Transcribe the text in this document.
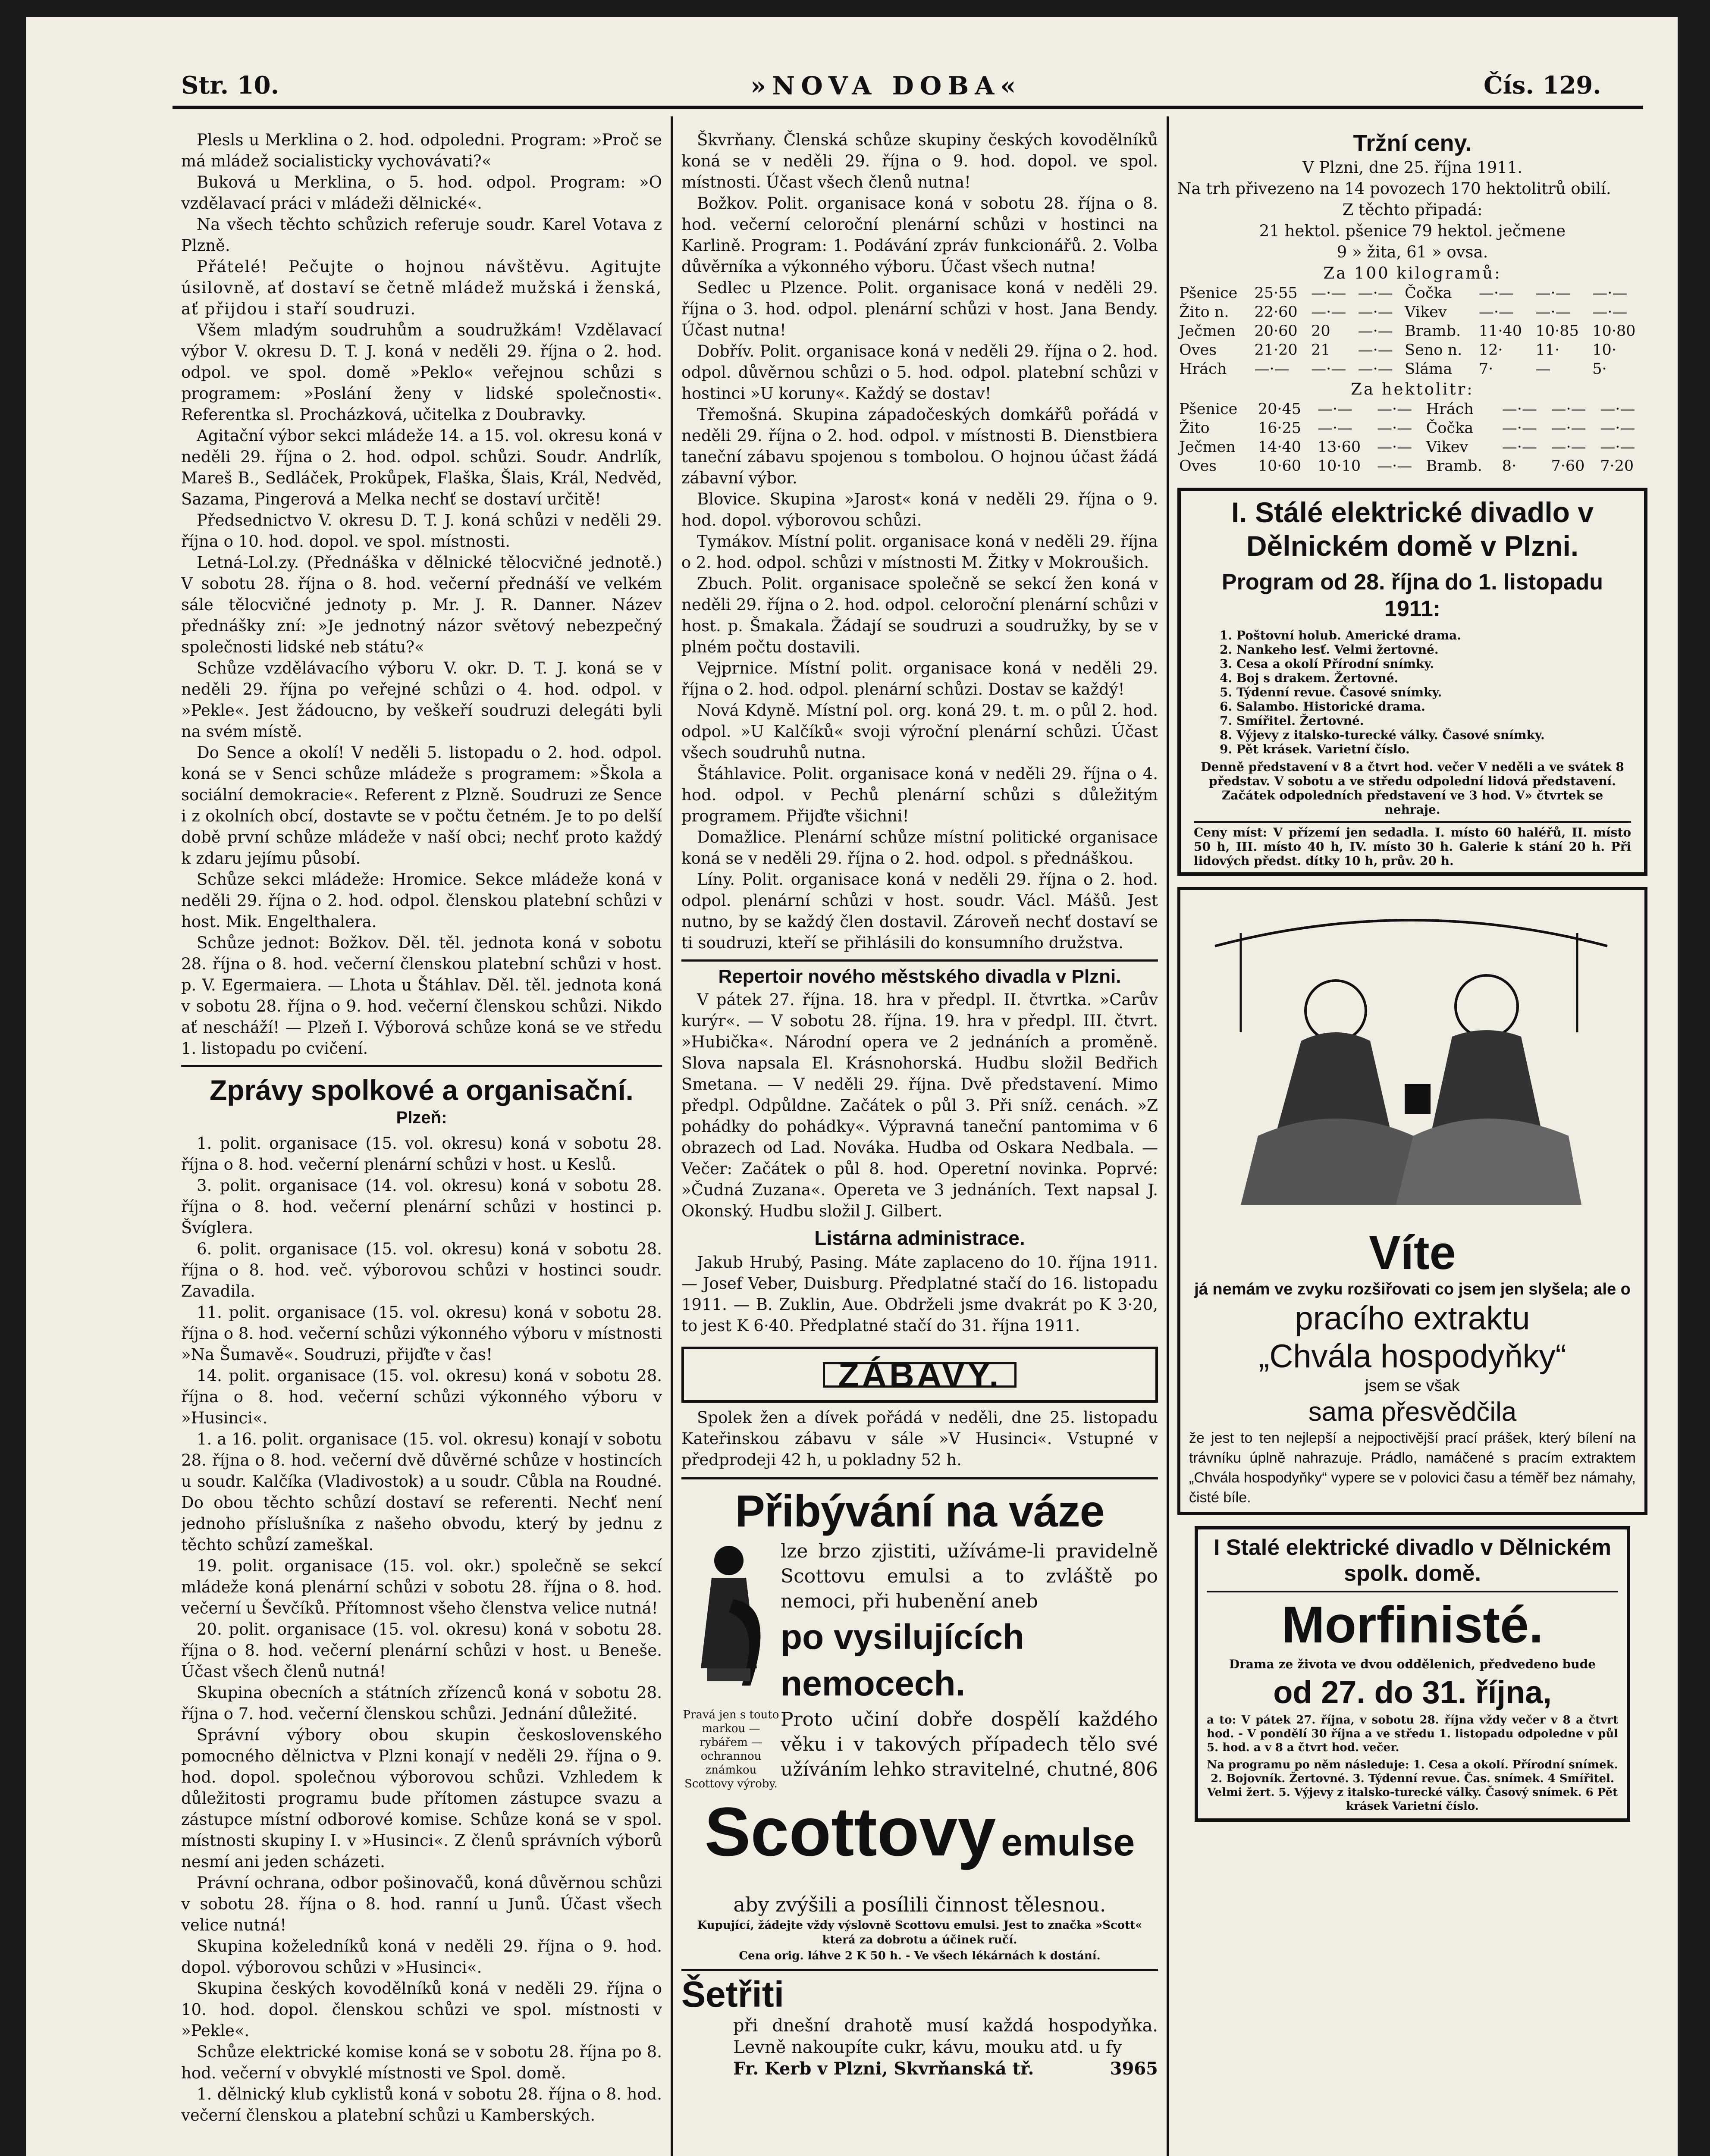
Str. 10.	»NOVA DOBA«	Čís. 129.

Plesls u Merklina o 2. hod. odpoledni. Program: »Proč se má mládež socialisticky vychovávati?«

Buková u Merklina, o 5. hod. odpol. Program: »O vzdělavací práci v mládeži dělnické«.

Na všech těchto schůzich referuje soudr. Karel Votava z Plzně.

Přátelé! Pečujte o hojnou návštěvu. Agitujte úsilovně, ať dostaví se četně mládež mužská i ženská, ať přijdou i staří soudruzi.

Všem mladým soudruhům a soudružkám! Vzdělavací výbor V. okresu D. T. J. koná v neděli 29. října o 2. hod. odpol. ve spol. domě »Peklo« veřejnou schůzi s programem: »Poslání ženy v lidské společnosti«. Referentka sl. Procházková, učitelka z Doubravky.

Agitační výbor sekci mládeže 14. a 15. vol. okresu koná v neděli 29. října o 2. hod. odpol. schůzi. Soudr. Andrlík, Mareš B., Sedláček, Prokůpek, Flaška, Šlais, Král, Nedvěd, Sazama, Pingerová a Melka nechť se dostaví určitě!

Předsednictvo V. okresu D. T. J. koná schůzi v neděli 29. října o 10. hod. dopol. ve spol. místnosti.

Letná-Lol.zy. (Přednáška v dělnické tělocvičné jednotě.) V sobotu 28. října o 8. hod. večerní přednáší ve velkém sále tělocvičné jednoty p. Mr. J. R. Danner. Název přednášky zní: »Je jednotný názor světový nebezpečný společnosti lidské neb státu?«

Schůze vzdělávacího výboru V. okr. D. T. J. koná se v neděli 29. října po veřejné schůzi o 4. hod. odpol. v »Pekle«. Jest žádoucno, by veškeří soudruzi delegáti byli na svém místě.

Do Sence a okolí! V neděli 5. listopadu o 2. hod. odpol. koná se v Senci schůze mládeže s programem: »Škola a sociální demokracie«. Referent z Plzně. Soudruzi ze Sence i z okolních obcí, dostavte se v počtu četném. Je to po delší době první schůze mládeže v naší obci; nechť proto každý k zdaru jejímu působí.

Schůze sekci mládeže: Hromice. Sekce mládeže koná v neděli 29. října o 2. hod. odpol. členskou platební schůzi v host. Mik. Engelthalera.

Schůze jednot: Božkov. Děl. těl. jednota koná v sobotu 28. října o 8. hod. večerní členskou platební schůzi v host. p. V. Egermaiera. — Lhota u Štáhlav. Děl. těl. jednota koná v sobotu 28. října o 9. hod. večerní členskou schůzi. Nikdo ať nescháží! — Plzeň I. Výborová schůze koná se ve středu 1. listopadu po cvičení.

Zprávy spolkové a organisační.
Plzeň:

1. polit. organisace (15. vol. okresu) koná v sobotu 28. října o 8. hod. večerní plenární schůzi v host. u Keslů.

3. polit. organisace (14. vol. okresu) koná v sobotu 28. října o 8. hod. večerní plenární schůzi v hostinci p. Švíglera.

6. polit. organisace (15. vol. okresu) koná v sobotu 28. října o 8. hod. več. výborovou schůzi v hostinci soudr. Zavadila.

11. polit. organisace (15. vol. okresu) koná v sobotu 28. října o 8. hod. večerní schůzi výkonného výboru v místnosti »Na Šumavě«. Soudruzi, přijďte v čas!

14. polit. organisace (15. vol. okresu) koná v sobotu 28. října o 8. hod. večerní schůzi výkonného výboru v »Husinci«.

1. a 16. polit. organisace (15. vol. okresu) konají v sobotu 28. října o 8. hod. večerní dvě důvěrné schůze v hostincích u soudr. Kalčíka (Vladivostok) a u soudr. Cůbla na Roudné. Do obou těchto schůzí dostaví se referenti. Nechť není jednoho příslušníka z našeho obvodu, který by jednu z těchto schůzí zameškal.

19. polit. organisace (15. vol. okr.) společně se sekcí mládeže koná plenární schůzi v sobotu 28. října o 8. hod. večerní u Ševčíků. Přítomnost všeho členstva velice nutná!

20. polit. organisace (15. vol. okresu) koná v sobotu 28. října o 8. hod. večerní plenární schůzi v host. u Beneše. Účast všech členů nutná!

Skupina obecních a státních zřízenců koná v sobotu 28. října o 7. hod. večerní členskou schůzi. Jednání důležité.

Správní výbory obou skupin československého pomocného dělnictva v Plzni konají v neděli 29. října o 9. hod. dopol. společnou výborovou schůzi. Vzhledem k důležitosti programu bude přítomen zástupce svazu a zástupce místní odborové komise. Schůze koná se v spol. místnosti skupiny I. v »Husinci«. Z členů správních výborů nesmí ani jeden scházeti.

Právní ochrana, odbor pošinovačů, koná důvěrnou schůzi v sobotu 28. října o 8. hod. ranní u Junů. Účast všech velice nutná!

Skupina koželedníků koná v neděli 29. října o 9. hod. dopol. výborovou schůzi v »Husinci«.

Skupina českých kovodělníků koná v neděli 29. října o 10. hod. dopol. členskou schůzi ve spol. místnosti v »Pekle«.

Schůze elektrické komise koná se v sobotu 28. října po 8. hod. večerní v obvyklé místnosti ve Spol. domě.

1. dělnický klub cyklistů koná v sobotu 28. října o 8. hod. večerní členskou a platební schůzi u Kamberských.

Škvrňany. Členská schůze skupiny českých kovodělníků koná se v neděli 29. října o 9. hod. dopol. ve spol. místnosti. Účast všech členů nutna!

Božkov. Polit. organisace koná v sobotu 28. října o 8. hod. večerní celoroční plenární schůzi v hostinci na Karlině. Program: 1. Podávání zpráv funkcionářů. 2. Volba důvěrníka a výkonného výboru. Účast všech nutna!

Sedlec u Plzence. Polit. organisace koná v neděli 29. října o 3. hod. odpol. plenární schůzi v host. Jana Bendy. Účast nutna!

Dobřív. Polit. organisace koná v neděli 29. října o 2. hod. odpol. důvěrnou schůzi o 5. hod. odpol. platební schůzi v hostinci »U koruny«. Každý se dostav!

Třemošná. Skupina západočeských domkářů pořádá v neděli 29. října o 2. hod. odpol. v místnosti B. Dienstbiera taneční zábavu spojenou s tombolou. O hojnou účast žádá zábavní výbor.

Blovice. Skupina »Jarost« koná v neděli 29. října o 9. hod. dopol. výborovou schůzi.

Tymákov. Místní polit. organisace koná v neděli 29. října o 2. hod. odpol. schůzi v místnosti M. Žitky v Mokroušich.

Zbuch. Polit. organisace společně se sekcí žen koná v neděli 29. října o 2. hod. odpol. celoroční plenární schůzi v host. p. Šmakala. Žádají se soudruzi a soudružky, by se v plném počtu dostavili.

Vejprnice. Místní polit. organisace koná v neděli 29. října o 2. hod. odpol. plenární schůzi. Dostav se každý!

Nová Kdyně. Místní pol. org. koná 29. t. m. o půl 2. hod. odpol. »U Kalčíků« svoji výroční plenární schůzi. Účast všech soudruhů nutna.

Štáhlavice. Polit. organisace koná v neděli 29. října o 4. hod. odpol. v Pechů plenární schůzi s důležitým programem. Přijďte všichni!

Domažlice. Plenární schůze místní politické organisace koná se v neděli 29. října o 2. hod. odpol. s přednáškou.

Líny. Polit. organisace koná v neděli 29. října o 2. hod. odpol. plenární schůzi v host. soudr. Václ. Mášů. Jest nutno, by se každý člen dostavil. Zároveň nechť dostaví se ti soudruzi, kteří se přihlásili do konsumního družstva.

Repertoir nového městského divadla v Plzni.

V pátek 27. října. 18. hra v předpl. II. čtvrtka. »Carův kurýr«. — V sobotu 28. října. 19. hra v předpl. III. čtvrt. »Hubička«. Národní opera ve 2 jednáních a proměně. Slova napsala El. Krásnohorská. Hudbu složil Bedřich Smetana. — V neděli 29. října. Dvě představení. Mimo předpl. Odpůldne. Začátek o půl 3. Při sníž. cenách. »Z pohádky do pohádky«. Výpravná taneční pantomima v 6 obrazech od Lad. Nováka. Hudba od Oskara Nedbala. — Večer: Začátek o půl 8. hod. Operetní novinka. Poprvé: »Čudná Zuzana«. Opereta ve 3 jednáních. Text napsal J. Okonský. Hudbu složil J. Gilbert.

Listárna administrace.

Jakub Hrubý, Pasing. Máte zaplaceno do 10. října 1911. — Josef Veber, Duisburg. Předplatné stačí do 16. listopadu 1911. — B. Zuklin, Aue. Obdrželi jsme dvakrát po K 3·20, to jest K 6·40. Předplatné stačí do 31. října 1911.

ZÁBAVY.

Spolek žen a dívek pořádá v neděli, dne 25. listopadu Kateřinskou zábavu v sále »V Husinci«. Vstupné v předprodeji 42 h, u pokladny 52 h.

Přibývání na váze
Pravá jen s touto markou — rybářem — ochrannou známkou Scottovy výroby.
lze brzo zjistiti, užíváme-li pravidelně Scottovu emulsi a to zvláště po nemoci, při hubenění aneb
po vysilujících nemocech.
Proto učiní dobře dospělí každého věku i v takových případech tělo své užíváním lehko stravitelné, chutné, 806
Scottovy emulse
aby zvýšili a posílili činnost tělesnou.
Kupující, žádejte vždy výslovně Scottovu emulsi. Jest to značka »Scott« která za dobrotu a účinek ručí.
Cena orig. láhve 2 K 50 h. - Ve všech lékárnách k dostání.
Šetřiti
při dnešní drahotě musí každá hospodyňka. Levně nakoupíte cukr, kávu, mouku atd. u fy
Fr. Kerb v Plzni, Skvrňanská tř.	3965
Tržní ceny.
V Plzni, dne 25. října 1911.
Na trh přivezeno na 14 povozech 170 hektolitrů obilí.
Z těchto připadá:
21 hektol. pšenice 79 hektol. ječmene
9 » žita, 61 » ovsa.
Za 100 kilogramů:
Pšenice	25·55	—·—	—·—	Čočka	—·—	—·—	—·—
Žito n.	22·60	—·—	—·—	Vikev	—·—	—·—	—·—
Ječmen	20·60	20	—·—	Bramb.	11·40	10·85	10·80
Oves	21·20	21	—·—	Seno n.	12·	11·	10·
Hrách	—·—	—·—	—·—	Sláma	7·	—	5·
Za hektolitr:
Pšenice	20·45	—·—	—·—	Hrách	—·—	—·—	—·—
Žito	16·25	—·—	—·—	Čočka	—·—	—·—	—·—
Ječmen	14·40	13·60	—·—	Vikev	—·—	—·—	—·—
Oves	10·60	10·10	—·—	Bramb.	8·	7·60	7·20
I. Stálé elektrické divadlo v Dělnickém domě v Plzni.
Program od 28. října do 1. listopadu 1911:
1. Poštovní holub. Americké drama.
2. Nankeho lesť. Velmi žertovné.
3. Cesa a okolí Přírodní snímky.
4. Boj s drakem. Žertovné.
5. Týdenní revue. Časové snímky.
6. Salambo. Historické drama.
7. Smířitel. Žertovné.
8. Výjevy z italsko-turecké války. Časové snímky.
9. Pět krásek. Varietní číslo.
Denně představení v 8 a čtvrt hod. večer V neděli a ve svátek 8 představ. V sobotu a ve středu odpolední lidová představení. Začátek odpoledních představení ve 3 hod. V» čtvrtek se nehraje.
Ceny míst: V přízemí jen sedadla. I. místo 60 haléřů, II. místo 50 h, III. místo 40 h, IV. místo 30 h. Galerie k stání 20 h. Při lidových předst. dítky 10 h, prův. 20 h.
Víte
já nemám ve zvyku rozšiřovati co jsem jen slyšela; ale o
pracího extraktu
„Chvála hospodyňky“
jsem se však
sama přesvědčila
že jest to ten nejlepší a nejpoctivější prací prášek, který bílení na trávníku úplně nahrazuje. Prádlo, namáčené s pracím extraktem „Chvála hospodyňky“ vypere se v polovici času a téměř bez námahy, čisté bíle.
I Stalé elektrické divadlo v Dělnickém spolk. domě.
Morfinisté.
Drama ze života ve dvou oddělenich, předvedeno bude
od 27. do 31. října,
a to: V pátek 27. října, v sobotu 28. října vždy večer v 8 a čtvrt hod. - V pondělí 30 října a ve středu 1. listopadu odpoledne v půl 5. hod. a v 8 a čtvrt hod. večer.
Na programu po něm následuje: 1. Cesa a okolí. Přírodní snímek. 2. Bojovník. Žertovné. 3. Týdenní revue. Čas. snímek. 4 Smířitel. Velmi žert. 5. Výjevy z italsko-turecké války. Časový snímek. 6 Pět krásek Varietní číslo.
